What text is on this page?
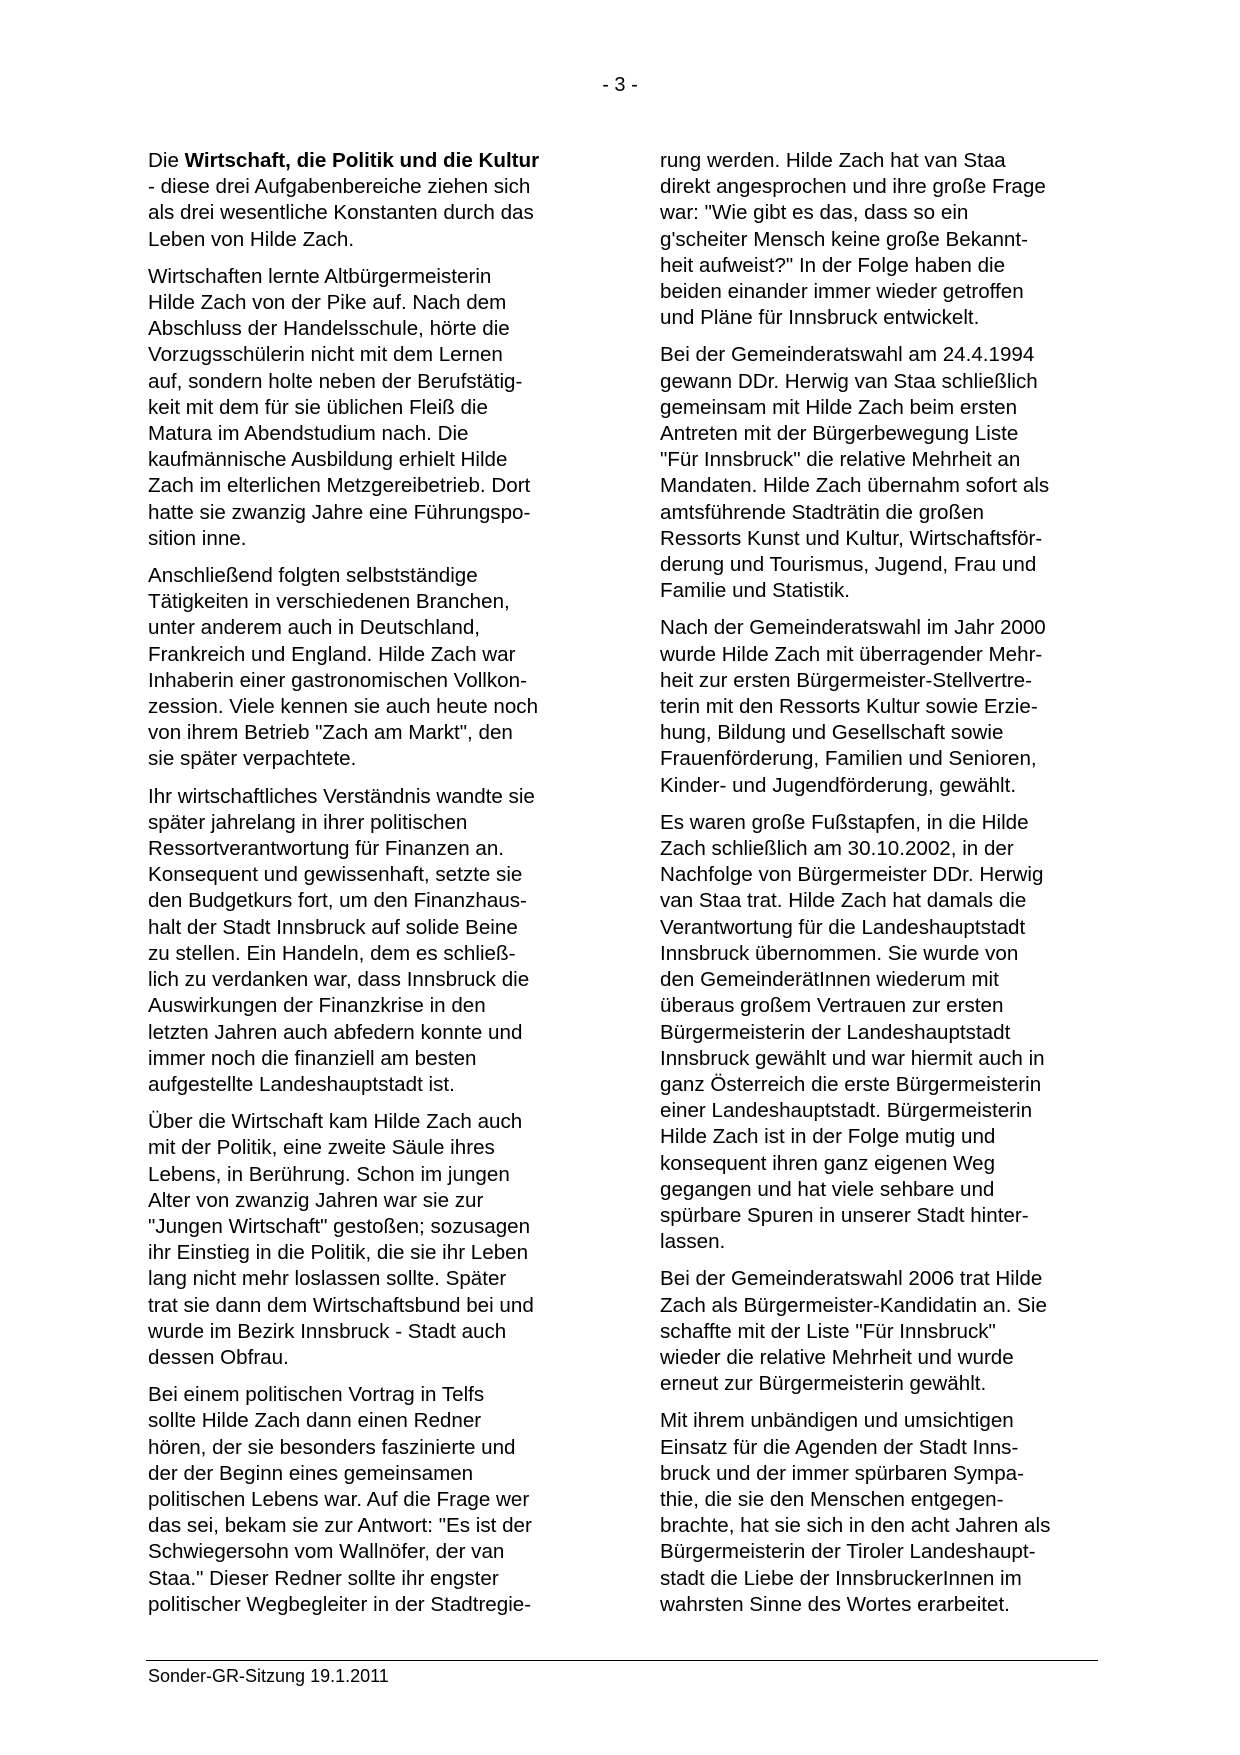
- 3 -

Die Wirtschaft, die Politik und die Kultur
- diese drei Aufgabenbereiche ziehen sich
als drei wesentliche Konstanten durch das
Leben von Hilde Zach.

Wirtschaften lernte Altbürgermeisterin
Hilde Zach von der Pike auf. Nach dem
Abschluss der Handelsschule, hörte die
Vorzugsschülerin nicht mit dem Lernen
auf, sondern holte neben der Berufstätig-
keit mit dem für sie üblichen Fleiß die
Matura im Abendstudium nach. Die
kaufmännische Ausbildung erhielt Hilde
Zach im elterlichen Metzgereibetrieb. Dort
hatte sie zwanzig Jahre eine Führungspo-
sition inne.

Anschließend folgten selbstständige
Tätigkeiten in verschiedenen Branchen,
unter anderem auch in Deutschland,
Frankreich und England. Hilde Zach war
Inhaberin einer gastronomischen Vollkon-
zession. Viele kennen sie auch heute noch
von ihrem Betrieb "Zach am Markt", den
sie später verpachtete.

Ihr wirtschaftliches Verständnis wandte sie
später jahrelang in ihrer politischen
Ressortverantwortung für Finanzen an.
Konsequent und gewissenhaft, setzte sie
den Budgetkurs fort, um den Finanzhaus-
halt der Stadt Innsbruck auf solide Beine
zu stellen. Ein Handeln, dem es schließ-
lich zu verdanken war, dass Innsbruck die
Auswirkungen der Finanzkrise in den
letzten Jahren auch abfedern konnte und
immer noch die finanziell am besten
aufgestellte Landeshauptstadt ist.

Über die Wirtschaft kam Hilde Zach auch
mit der Politik, eine zweite Säule ihres
Lebens, in Berührung. Schon im jungen
Alter von zwanzig Jahren war sie zur
"Jungen Wirtschaft" gestoßen; sozusagen
ihr Einstieg in die Politik, die sie ihr Leben
lang nicht mehr loslassen sollte. Später
trat sie dann dem Wirtschaftsbund bei und
wurde im Bezirk Innsbruck - Stadt auch
dessen Obfrau.

Bei einem politischen Vortrag in Telfs
sollte Hilde Zach dann einen Redner
hören, der sie besonders faszinierte und
der der Beginn eines gemeinsamen
politischen Lebens war. Auf die Frage wer
das sei, bekam sie zur Antwort: "Es ist der
Schwiegersohn vom Wallnöfer, der van
Staa." Dieser Redner sollte ihr engster
politischer Wegbegleiter in der Stadtregie-

rung werden. Hilde Zach hat van Staa
direkt angesprochen und ihre große Frage
war: "Wie gibt es das, dass so ein
g'scheiter Mensch keine große Bekannt-
heit aufweist?" In der Folge haben die
beiden einander immer wieder getroffen
und Pläne für Innsbruck entwickelt.

Bei der Gemeinderatswahl am 24.4.1994
gewann DDr. Herwig van Staa schließlich
gemeinsam mit Hilde Zach beim ersten
Antreten mit der Bürgerbewegung Liste
"Für Innsbruck" die relative Mehrheit an
Mandaten. Hilde Zach übernahm sofort als
amtsführende Stadträtin die großen
Ressorts Kunst und Kultur, Wirtschaftsför-
derung und Tourismus, Jugend, Frau und
Familie und Statistik.

Nach der Gemeinderatswahl im Jahr 2000
wurde Hilde Zach mit überragender Mehr-
heit zur ersten Bürgermeister-Stellvertre-
terin mit den Ressorts Kultur sowie Erzie-
hung, Bildung und Gesellschaft sowie
Frauenförderung, Familien und Senioren,
Kinder- und Jugendförderung, gewählt.

Es waren große Fußstapfen, in die Hilde
Zach schließlich am 30.10.2002, in der
Nachfolge von Bürgermeister DDr. Herwig
van Staa trat. Hilde Zach hat damals die
Verantwortung für die Landeshauptstadt
Innsbruck übernommen. Sie wurde von
den GemeinderätInnen wiederum mit
überaus großem Vertrauen zur ersten
Bürgermeisterin der Landeshauptstadt
Innsbruck gewählt und war hiermit auch in
ganz Österreich die erste Bürgermeisterin
einer Landeshauptstadt. Bürgermeisterin
Hilde Zach ist in der Folge mutig und
konsequent ihren ganz eigenen Weg
gegangen und hat viele sehbare und
spürbare Spuren in unserer Stadt hinter-
lassen.

Bei der Gemeinderatswahl 2006 trat Hilde
Zach als Bürgermeister-Kandidatin an. Sie
schaffte mit der Liste "Für Innsbruck"
wieder die relative Mehrheit und wurde
erneut zur Bürgermeisterin gewählt.

Mit ihrem unbändigen und umsichtigen
Einsatz für die Agenden der Stadt Inns-
bruck und der immer spürbaren Sympa-
thie, die sie den Menschen entgegen-
brachte, hat sie sich in den acht Jahren als
Bürgermeisterin der Tiroler Landeshaupt-
stadt die Liebe der InnsbruckerInnen im
wahrsten Sinne des Wortes erarbeitet.

Sonder-GR-Sitzung 19.1.2011
